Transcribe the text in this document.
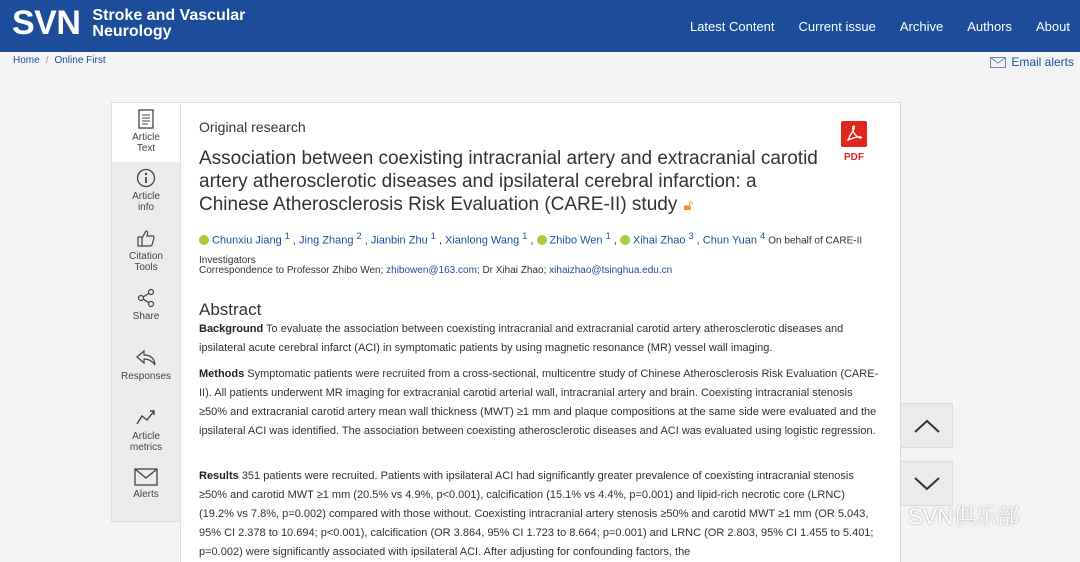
SVN Stroke and Vascular
Neurology	Latest Content Current issue Archive Authors About
Home / Online First	Email alerts
Article
Text
Article
info
Citation
Tools
Share
Responses
Article
metrics
Alerts
Original research
PDF
Association between coexisting intracranial artery and extracranial carotid artery atherosclerotic diseases and ipsilateral cerebral infarction: a Chinese Atherosclerosis Risk Evaluation (CARE-II) study 🔓︎
Chunxiu Jiang $^1$ , Jing Zhang $^2$ , Jianbin Zhu $^1$ , Xianlong Wang $^1$ , Zhibo Wen $^1$ , Xihai Zhao $^3$ , Chun Yuan $^4$ On behalf of CARE-II Investigators
Correspondence to Professor Zhibo Wen; zhibowen@163.com; Dr Xihai Zhao; xihaizhao@tsinghua.edu.cn
Abstract
Background To evaluate the association between coexisting intracranial and extracranial carotid artery atherosclerotic diseases and ipsilateral acute cerebral infarct (ACI) in symptomatic patients by using magnetic resonance (MR) vessel wall imaging.
Methods Symptomatic patients were recruited from a cross-sectional, multicentre study of Chinese Atherosclerosis Risk Evaluation (CARE-II). All patients underwent MR imaging for extracranial carotid arterial wall, intracranial artery and brain. Coexisting intracranial stenosis ≥50% and extracranial carotid artery mean wall thickness (MWT) ≥1 mm and plaque compositions at the same side were evaluated and the ipsilateral ACI was identified. The association between coexisting atherosclerotic diseases and ACI was evaluated using logistic regression.
Results 351 patients were recruited. Patients with ipsilateral ACI had significantly greater prevalence of coexisting intracranial stenosis ≥50% and carotid MWT ≥1 mm (20.5% vs 4.9%, p<0.001), calcification (15.1% vs 4.4%, p=0.001) and lipid-rich necrotic core (LRNC) (19.2% vs 7.8%, p=0.002) compared with those without. Coexisting intracranial artery stenosis ≥50% and carotid MWT ≥1 mm (OR 5.043, 95% CI 2.378 to 10.694; p<0.001), calcification (OR 3.864, 95% CI 1.723 to 8.664; p=0.001) and LRNC (OR 2.803, 95% CI 1.455 to 5.401; p=0.002) were significantly associated with ipsilateral ACI. After adjusting for confounding factors, the
SVN俱乐部
